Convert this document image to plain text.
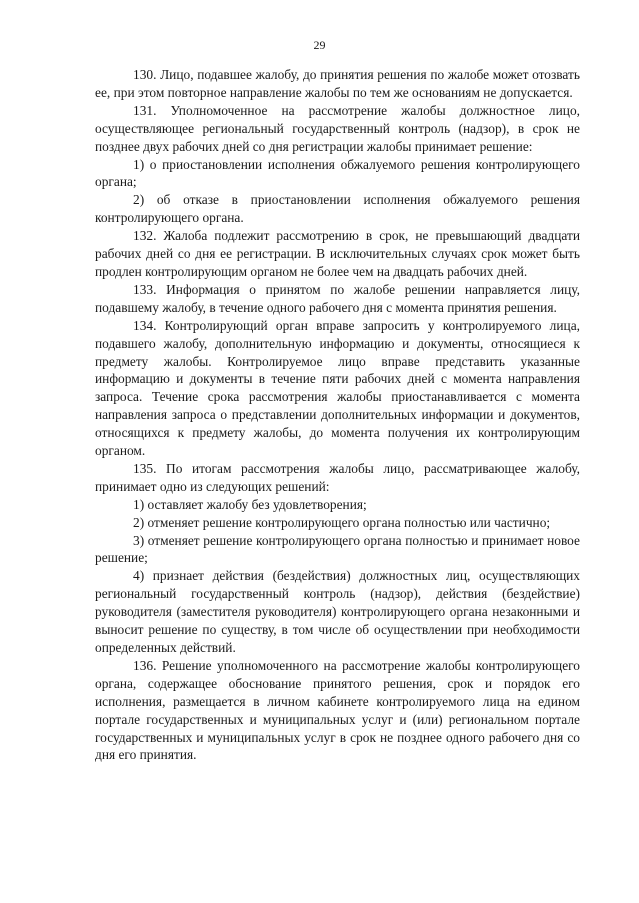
29

130. Лицо, подавшее жалобу, до принятия решения по жалобе может отозвать ее, при этом повторное направление жалобы по тем же основаниям не допускается.

131. Уполномоченное на рассмотрение жалобы должностное лицо, осуществляющее региональный государственный контроль (надзор), в срок не позднее двух рабочих дней со дня регистрации жалобы принимает решение:

1) о приостановлении исполнения обжалуемого решения контролирующего органа;

2) об отказе в приостановлении исполнения обжалуемого решения контролирующего органа.

132. Жалоба подлежит рассмотрению в срок, не превышающий двадцати рабочих дней со дня ее регистрации. В исключительных случаях срок может быть продлен контролирующим органом не более чем на двадцать рабочих дней.

133. Информация о принятом по жалобе решении направляется лицу, подавшему жалобу, в течение одного рабочего дня с момента принятия решения.

134. Контролирующий орган вправе запросить у контролируемого лица, подавшего жалобу, дополнительную информацию и документы, относящиеся к предмету жалобы. Контролируемое лицо вправе представить указанные информацию и документы в течение пяти рабочих дней с момента направления запроса. Течение срока рассмотрения жалобы приостанавливается с момента направления запроса о представлении дополнительных информации и документов, относящихся к предмету жалобы, до момента получения их контролирующим органом.

135. По итогам рассмотрения жалобы лицо, рассматривающее жалобу, принимает одно из следующих решений:

1) оставляет жалобу без удовлетворения;

2) отменяет решение контролирующего органа полностью или частично;

3) отменяет решение контролирующего органа полностью и принимает новое решение;

4) признает действия (бездействия) должностных лиц, осуществляющих региональный государственный контроль (надзор), действия (бездействие) руководителя (заместителя руководителя) контролирующего органа незаконными и выносит решение по существу, в том числе об осуществлении при необходимости определенных действий.

136. Решение уполномоченного на рассмотрение жалобы контролирующего органа, содержащее обоснование принятого решения, срок и порядок его исполнения, размещается в личном кабинете контролируемого лица на едином портале государственных и муниципальных услуг и (или) региональном портале государственных и муниципальных услуг в срок не позднее одного рабочего дня со дня его принятия.
